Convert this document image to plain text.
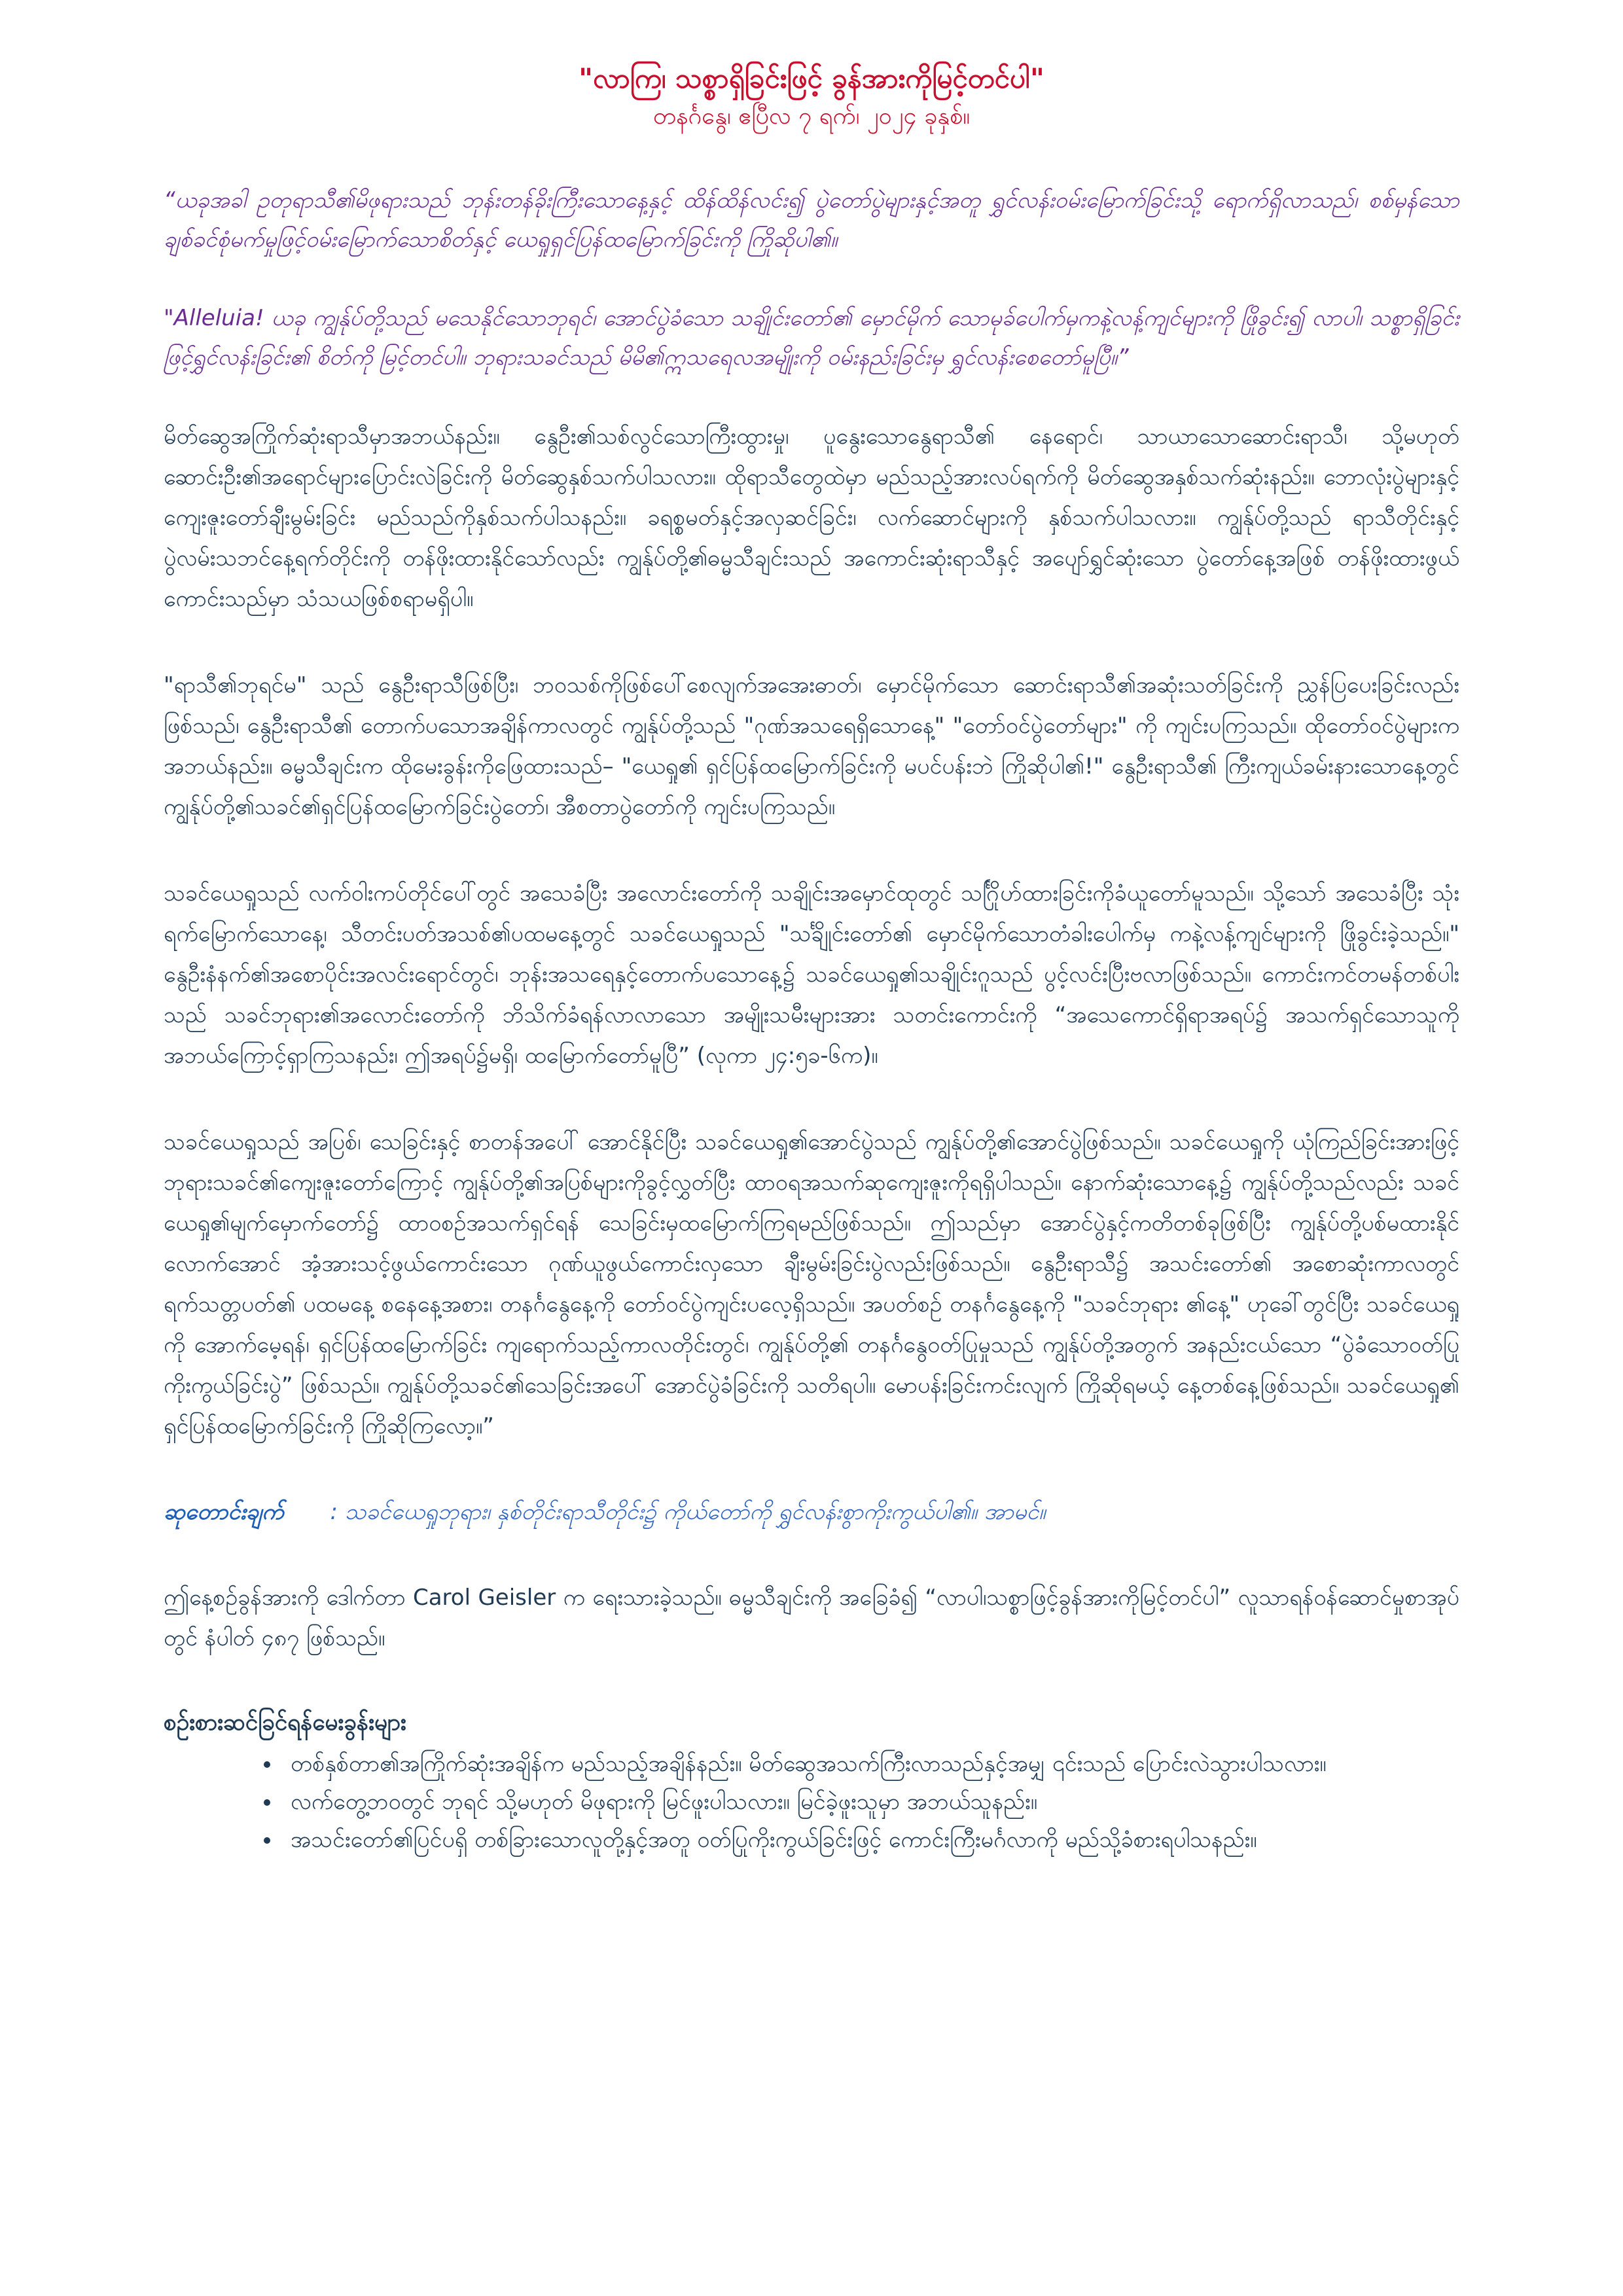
"လာကြ၊ သစ္စာရှိခြင်းဖြင့် ခွန်အားကိုမြင့်တင်ပါ"

တနင်္ဂနွေ၊ ဧပြီလ ၇ ရက်၊ ၂၀၂၄ ခုနှစ်။

“ယခုအခါ ဥတုရာသီ၏မိဖုရားသည် ဘုန်းတန်ခိုးကြီးသောနေ့နှင့် ထိန်ထိန်လင်း၍ ပွဲတော်ပွဲများနှင့်အတူ ရွှင်လန်းဝမ်းမြောက်ခြင်းသို့ ရောက်ရှိလာသည်၊ စစ်မှန်သောချစ်ခင်စုံမက်မှုဖြင့်ဝမ်းမြောက်သောစိတ်နှင့် ယေရှုရှင်ပြန်ထမြောက်ခြင်းကို ကြိုဆိုပါ၏။

"Alleluia! ယခု ကျွန်ုပ်တို့သည် မသေနိုင်သောဘုရင်၊ အောင်ပွဲခံသော သချိုင်းတော်၏ မှောင်မိုက် သောမုခ်ပေါက်မှကနဲ့လန့်ကျင်များကို ဖြိုခွင်း၍ လာပါ၊ သစ္စာရှိခြင်းဖြင့်ရွှင်လန်းခြင်း၏ စိတ်ကို မြင့်တင်ပါ။ ဘုရားသခင်သည် မိမိ၏ဣသရေလအမျိုးကို ဝမ်းနည်းခြင်းမှ ရွှင်လန်းစေတော်မူပြီ။”

မိတ်ဆွေအကြိုက်ဆုံးရာသီမှာအဘယ်နည်း။ နွေဦး၏သစ်လွင်သောကြီးထွားမှု၊ ပူနွေးသောနွေရာသီ၏ နေရောင်၊ သာယာသောဆောင်းရာသီ၊ သို့မဟုတ် ဆောင်းဦး၏အရောင်များပြောင်းလဲခြင်းကို မိတ်ဆွေနှစ်သက်ပါသလား။ ထိုရာသီတွေထဲမှာ မည်သည့်အားလပ်ရက်ကို မိတ်ဆွေအနှစ်သက်ဆုံးနည်း။ ဘောလုံးပွဲများနှင့် ကျေးဇူးတော်ချီးမွမ်းခြင်း မည်သည်ကိုနှစ်သက်ပါသနည်း။ ခရစ္စမတ်နှင့်အလှဆင်ခြင်း၊ လက်ဆောင်များကို နှစ်သက်ပါသလား။ ကျွန်ုပ်တို့သည် ရာသီတိုင်းနှင့် ပွဲလမ်းသဘင်နေ့ရက်တိုင်းကို တန်ဖိုးထားနိုင်သော်လည်း ကျွန်ုပ်တို့၏ဓမ္မသီချင်းသည် အကောင်းဆုံးရာသီနှင့် အပျော်ရွှင်ဆုံးသော ပွဲတော်နေ့အဖြစ် တန်ဖိုးထားဖွယ်ကောင်းသည်မှာ သံသယဖြစ်စရာမရှိပါ။

"ရာသီ၏ဘုရင်မ" သည် နွေဦးရာသီဖြစ်ပြီး၊ ဘဝသစ်ကိုဖြစ်ပေါ်စေလျက်အအေးဓာတ်၊ မှောင်မိုက်သော ဆောင်းရာသီ၏အဆုံးသတ်ခြင်းကို ညွှန်ပြပေးခြင်းလည်းဖြစ်သည်၊ နွေဦးရာသီ၏ တောက်ပသောအချိန်ကာလတွင် ကျွန်ုပ်တို့သည် "ဂုဏ်အသရေရှိသောနေ့" "တော်ဝင်ပွဲတော်များ" ကို ကျင်းပကြသည်။ ထိုတော်ဝင်ပွဲများက အဘယ်နည်း။ ဓမ္မသီချင်းက ထိုမေးခွန်းကိုဖြေထားသည်– "ယေရှု၏ ရှင်ပြန်ထမြောက်ခြင်းကို မပင်ပန်းဘဲ ကြိုဆိုပါ၏!" နွေဦးရာသီ၏ ကြီးကျယ်ခမ်းနားသောနေ့တွင် ကျွန်ုပ်တို့၏သခင်၏ရှင်ပြန်ထမြောက်ခြင်းပွဲတော်၊ အီစတာပွဲတော်ကို ကျင်းပကြသည်။

သခင်ယေရှုသည် လက်ဝါးကပ်တိုင်ပေါ်တွင် အသေခံပြီး အလောင်းတော်ကို သချိုင်းအမှောင်ထုတွင် သင်္ဂြိုဟ်ထားခြင်းကိုခံယူတော်မူသည်။ သို့သော် အသေခံပြီး သုံးရက်မြောက်သောနေ့၊ သီတင်းပတ်အသစ်၏ပထမနေ့တွင် သခင်ယေရှုသည် "သင်္ချိုင်းတော်၏ မှောင်မိုက်သောတံခါးပေါက်မှ ကနဲ့လန့်ကျင်များကို ဖြိုခွင်းခဲ့သည်။" နွေဦးနံနက်၏အစောပိုင်းအလင်းရောင်တွင်၊ ဘုန်းအသရေနှင့်တောက်ပသောနေ့၌ သခင်ယေရှု၏သချိုင်းဂူသည် ပွင့်လင်းပြီးဗလာဖြစ်သည်။ ကောင်းကင်တမန်တစ်ပါးသည် သခင်ဘုရား၏အလောင်းတော်ကို ဘိသိက်ခံရန်လာလာသော အမျိုးသမီးများအား သတင်းကောင်းကို “အသေကောင်ရှိရာအရပ်၌ အသက်ရှင်သောသူကို အဘယ်ကြောင့်ရှာကြသနည်း၊ ဤအရပ်၌မရှိ၊ ထမြောက်တော်မူပြီ” (လုကာ ၂၄:၅ခ-၆က)။

သခင်ယေရှုသည် အပြစ်၊ သေခြင်းနှင့် စာတန်အပေါ် အောင်နိုင်ပြီး သခင်ယေရှု၏အောင်ပွဲသည် ကျွန်ုပ်တို့၏အောင်ပွဲဖြစ်သည်။ သခင်ယေရှုကို ယုံကြည်ခြင်းအားဖြင့် ဘုရားသခင်၏ကျေးဇူးတော်ကြောင့် ကျွန်ုပ်တို့၏အပြစ်များကိုခွင့်လွှတ်ပြီး ထာဝရအသက်ဆုကျေးဇူးကိုရရှိပါသည်။ နောက်ဆုံးသောနေ့၌ ကျွန်ုပ်တို့သည်လည်း သခင်ယေရှု၏မျက်မှောက်တော်၌ ထာဝစဉ်အသက်ရှင်ရန် သေခြင်းမှထမြောက်ကြရမည်ဖြစ်သည်။ ဤသည်မှာ အောင်ပွဲနှင့်ကတိတစ်ခုဖြစ်ပြီး ကျွန်ုပ်တို့ပစ်မထားနိုင်လောက်အောင် အံ့အားသင့်ဖွယ်ကောင်းသော ဂုဏ်ယူဖွယ်ကောင်းလှသော ချီးမွမ်းခြင်းပွဲလည်းဖြစ်သည်။ နွေဦးရာသီ၌ အသင်းတော်၏ အစောဆုံးကာလတွင် ရက်သတ္တပတ်၏ ပထမနေ့ စနေနေ့အစား၊ တနင်္ဂနွေနေ့ကို တော်ဝင်ပွဲကျင်းပလေ့ရှိသည်။ အပတ်စဉ် တနင်္ဂနွေနေ့ကို "သခင်ဘုရား ၏နေ့" ဟုခေါ်တွင်ပြီး သခင်ယေရှုကို အောက်မေ့ရန်၊ ရှင်ပြန်ထမြောက်ခြင်း ကျရောက်သည့်ကာလတိုင်းတွင်၊ ကျွန်ုပ်တို့၏ တနင်္ဂနွေဝတ်ပြုမှုသည် ကျွန်ုပ်တို့အတွက် အနည်းငယ်သော “ပွဲခံသောဝတ်ပြုကိုးကွယ်ခြင်းပွဲ” ဖြစ်သည်။ ကျွန်ုပ်တို့သခင်၏သေခြင်းအပေါ် အောင်ပွဲခံခြင်းကို သတိရပါ။ မောပန်းခြင်းကင်းလျက် ကြိုဆိုရမယ့် နေ့တစ်နေ့ဖြစ်သည်။ သခင်ယေရှု၏ ရှင်ပြန်ထမြောက်ခြင်းကို ကြိုဆိုကြလော့။”

ဆုတောင်းချက် : သခင်ယေရှုဘုရား၊ နှစ်တိုင်းရာသီတိုင်း၌ ကိုယ်တော်ကို ရွှင်လန်းစွာကိုးကွယ်ပါ၏။ အာမင်။

ဤနေ့စဉ်ခွန်အားကို ဒေါက်တာ Carol Geisler က ရေးသားခဲ့သည်။ ဓမ္မသီချင်းကို အခြေခံ၍ “လာပါ၊သစ္စာဖြင့်ခွန်အားကိုမြင့်တင်ပါ” လူသာရန်ဝန်ဆောင်မှုစာအုပ်တွင် နံပါတ် ၄၈၇ ဖြစ်သည်။

စဉ်းစားဆင်ခြင်ရန်မေးခွန်းများ

• တစ်နှစ်တာ၏အကြိုက်ဆုံးအချိန်က မည်သည့်အချိန်နည်း။ မိတ်ဆွေအသက်ကြီးလာသည်နှင့်အမျှ ၎င်းသည် ပြောင်းလဲသွားပါသလား။
• လက်တွေ့ဘဝတွင် ဘုရင် သို့မဟုတ် မိဖုရားကို မြင်ဖူးပါသလား။ မြင်ခဲ့ဖူးသူမှာ အဘယ်သူနည်း။
• အသင်းတော်၏ပြင်ပရှိ တစ်ခြားသောလူတို့နှင့်အတူ ဝတ်ပြုကိုးကွယ်ခြင်းဖြင့် ကောင်းကြီးမင်္ဂလာကို မည်သို့ခံစားရပါသနည်း။
